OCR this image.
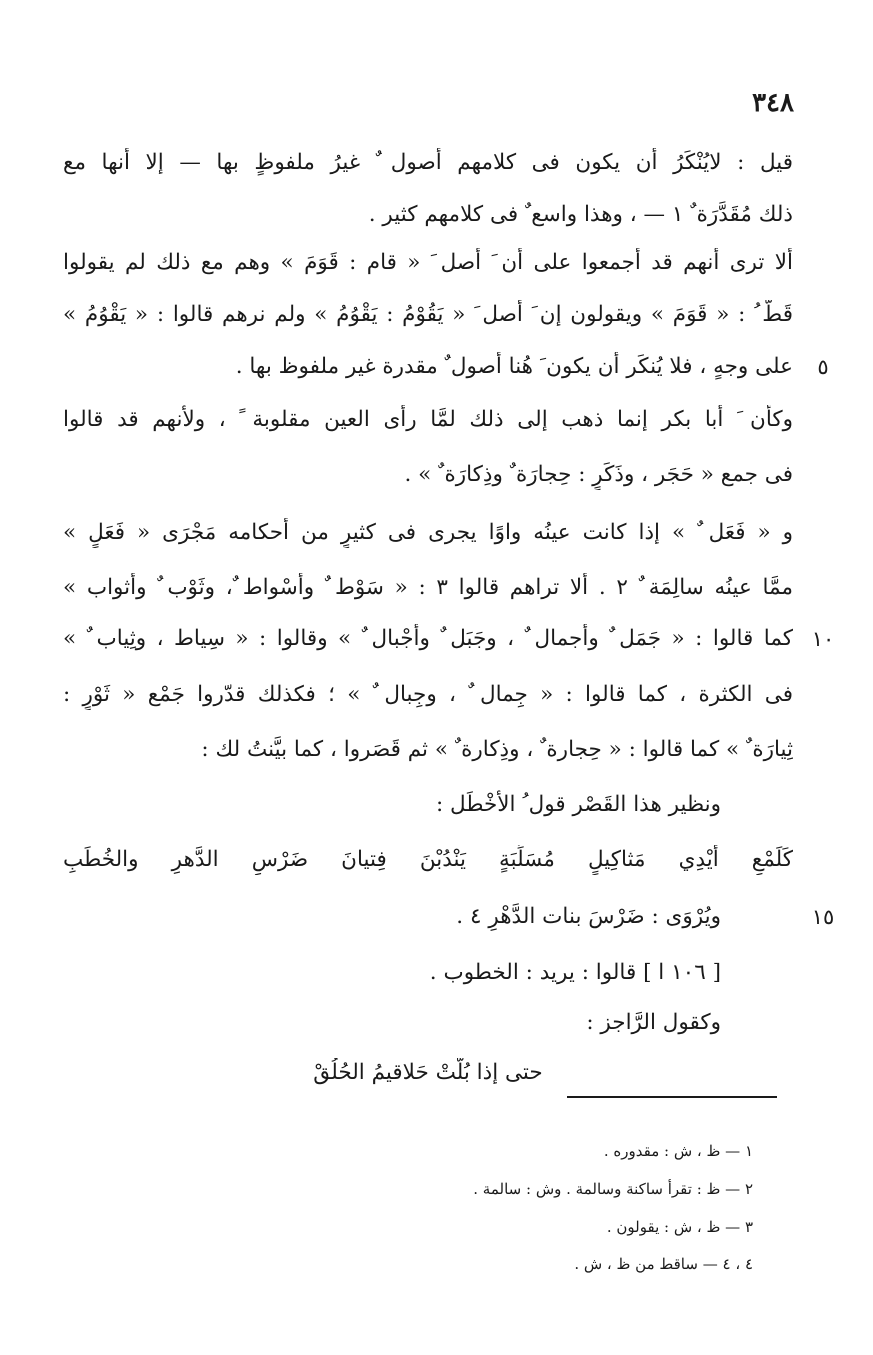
٣٤٨
قيل : لايُنْكَرُ أن يكون فى كلامهم أُصول ٌ غيرُ ملفوظٍ بها — إلا أنها مع
ذلك مُقَدَّرَة ٌ ١ — ، وهذا واسع ٌ فى كلامهم كثير .
ألا ترى أنهم قد أجمعوا على أن َ أصل َ « قام : قَوَمَ » وهم مع ذلك لم يقولوا
قَطّ ُ : « قَوَمَ » ويقولون إن َ أصل َ « يَقُوْمُ : يَقْوُمُ » ولم نرهم قالوا : « يَقْوُمُ »
على وجهٍ ، فلا يُنكَر أن يكون َ هُنا أُصول ٌ مقدرة غير ملفوظ بها .	٥
وكأن َ أبا بكر إنما ذهب إلى ذلك لمَّا رأى العين مقلوبة ً ، ولأنهم قد قالوا
فى جمع « حَجَر ، وذَكَرٍ : حِجارَة ٌ وذِكارَة ٌ » .
و « فَعَل ٌ » إذا كانت عينُه واوًا يجرى فى كثيرٍ من أحكامه مَجْرَى « فَعَلٍ »
ممَّا عينُه سالِمَة ٌ ٢ . ألا تراهم قالوا ٣ : « سَوْط ٌ وأسْواط ٌ، وثَوْب ٌ وأثواب »
كما قالوا : « جَمَل ٌ وأجمال ٌ ، وجَبَل ٌ وأجْبال ٌ » وقالوا : « سِياط ، وثِياب ٌ » ١٠
فى الكثرة ، كما قالوا : « جِمال ٌ ، وجِبال ٌ » ؛ فكذلك قدّروا جَمْع « ثَوْرٍ :
ثِيارَة ٌ » كما قالوا : « حِجارة ٌ ، وذِكارة ٌ » ثم قَصَروا ، كما بيَّنتُ لك :
ونظير هذا القَصْر قول ُ الأخْطَل :
كَلَمْعِ أَيْدِي مَثاكِيلٍ مُسَلِّبَةٍ يَنْدُبْنَ فِتيانَ ضَرْسِ الدَّهرِ والخُطَبِ
ويُرْوَى : ضَرْسَ بنات الدَّهْرِ ٤ .	١٥
[ ١٠٦ ا ] قالوا : يريد : الخطوب .
وكقول الرَّاجز :
حتى إذا بُلَّتْ حَلاقيمُ الحُلُقْ
١ — ظ ، ش : مقدوره .
٢ — ظ : تقرأ ساكنة وسالمة . وش : سالمة .
٣ — ظ ، ش : يقولون .
٤ ، ٤ — ساقط من ظ ، ش .
